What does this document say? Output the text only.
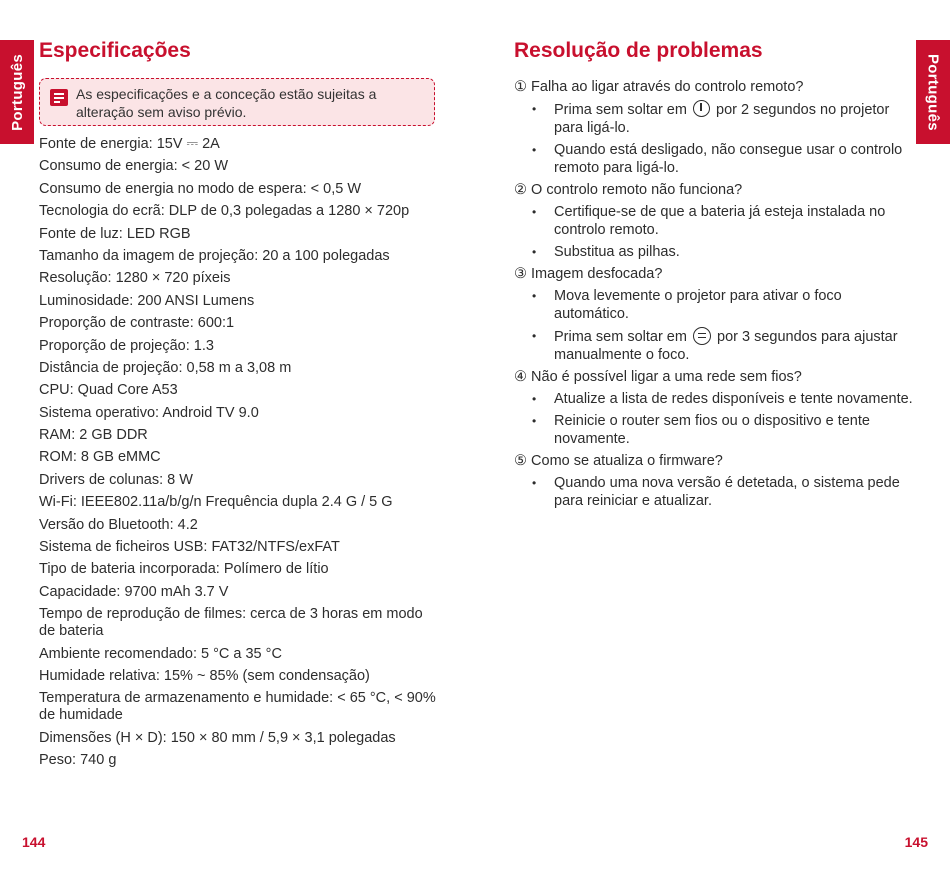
Português	Português
Especificações
As especificações e a conceção estão sujeitas a alteração sem aviso prévio.
Fonte de energia: 15V ⎓ 2A
Consumo de energia: < 20 W
Consumo de energia no modo de espera: < 0,5 W
Tecnologia do ecrã: DLP de 0,3 polegadas a 1280 × 720p
Fonte de luz: LED RGB
Tamanho da imagem de projeção: 20 a 100 polegadas
Resolução: 1280 × 720 píxeis
Luminosidade: 200 ANSI Lumens
Proporção de contraste: 600:1
Proporção de projeção: 1.3
Distância de projeção: 0,58 m a 3,08 m
CPU: Quad Core A53
Sistema operativo: Android TV 9.0
RAM: 2 GB DDR
ROM: 8 GB eMMC
Drivers de colunas: 8 W
Wi-Fi: IEEE802.11a/b/g/n Frequência dupla 2.4 G / 5 G
Versão do Bluetooth: 4.2
Sistema de ficheiros USB: FAT32/NTFS/exFAT
Tipo de bateria incorporada: Polímero de lítio
Capacidade: 9700 mAh 3.7 V
Tempo de reprodução de filmes: cerca de 3 horas em modo de bateria
Ambiente recomendado: 5 °C a 35 °C
Humidade relativa: 15% ~ 85% (sem condensação)
Temperatura de armazenamento e humidade: < 65 °C, < 90% de humidade
Dimensões (H × D): 150 × 80 mm / 5,9 × 3,1 polegadas
Peso: 740 g
Resolução de problemas
① Falha ao ligar através do controlo remoto?
• Prima sem soltar em por 2 segundos no projetor para ligá-lo.
• Quando está desligado, não consegue usar o controlo remoto para ligá-lo.
② O controlo remoto não funciona?
• Certifique-se de que a bateria já esteja instalada no controlo remoto.
• Substitua as pilhas.
③ Imagem desfocada?
• Mova levemente o projetor para ativar o foco automático.
• Prima sem soltar em por 3 segundos para ajustar manualmente o foco.
④ Não é possível ligar a uma rede sem fios?
• Atualize a lista de redes disponíveis e tente novamente.
• Reinicie o router sem fios ou o dispositivo e tente novamente.
⑤ Como se atualiza o firmware?
• Quando uma nova versão é detetada, o sistema pede para reiniciar e atualizar.
144	145
